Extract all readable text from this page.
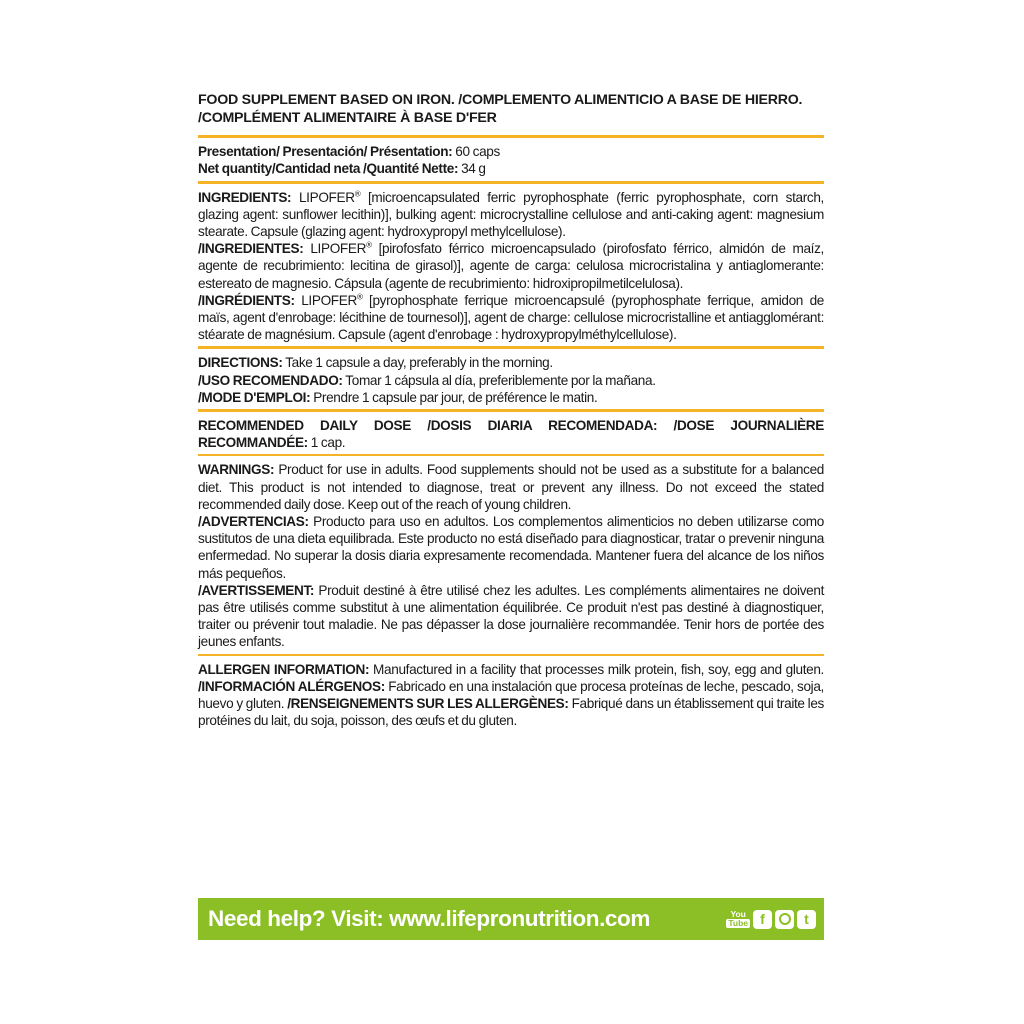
FOOD SUPPLEMENT BASED ON IRON. /COMPLEMENTO ALIMENTICIO A BASE DE HIERRO. /COMPLÉMENT ALIMENTAIRE À BASE D'FER

Presentation/ Presentación/ Présentation: 60 caps

Net quantity/Cantidad neta /Quantité Nette: 34 g

INGREDIENTS: LIPOFER® [microencapsulated ferric pyrophosphate (ferric pyrophosphate, corn starch, glazing agent: sunflower lecithin)], bulking agent: microcrystalline cellulose and anti-caking agent: magnesium stearate. Capsule (glazing agent: hydroxypropyl methylcellulose).

/INGREDIENTES: LIPOFER® [pirofosfato férrico microencapsulado (pirofosfato férrico, almidón de maíz, agente de recubrimiento: lecitina de girasol)], agente de carga: celulosa microcristalina y antiaglomerante: estereato de magnesio. Cápsula (agente de recubrimiento: hidroxipropilmetilcelulosa).

/INGRÉDIENTS: LIPOFER® [pyrophosphate ferrique microencapsulé (pyrophosphate ferrique, amidon de maïs, agent d'enrobage: lécithine de tournesol)], agent de charge: cellulose microcristalline et antiagglomérant: stéarate de magnésium. Capsule (agent d'enrobage : hydroxypropylméthylcellulose).

DIRECTIONS: Take 1 capsule a day, preferably in the morning.

/USO RECOMENDADO: Tomar 1 cápsula al día, preferiblemente por la mañana.

/MODE D'EMPLOI: Prendre 1 capsule par jour, de préférence le matin.

RECOMMENDED DAILY DOSE /DOSIS DIARIA RECOMENDADA: /DOSE JOURNALIÈRE RECOMMANDÉE: 1 cap.

WARNINGS: Product for use in adults. Food supplements should not be used as a substitute for a balanced diet. This product is not intended to diagnose, treat or prevent any illness. Do not exceed the stated recommended daily dose. Keep out of the reach of young children.

/ADVERTENCIAS: Producto para uso en adultos. Los complementos alimenticios no deben utilizarse como sustitutos de una dieta equilibrada. Este producto no está diseñado para diagnosticar, tratar o prevenir ninguna enfermedad. No superar la dosis diaria expresamente recomendada. Mantener fuera del alcance de los niños más pequeños.

/AVERTISSEMENT: Produit destiné à être utilisé chez les adultes. Les compléments alimentaires ne doivent pas être utilisés comme substitut à une alimentation équilibrée. Ce produit n'est pas destiné à diagnostiquer, traiter ou prévenir tout maladie. Ne pas dépasser la dose journalière recommandée. Tenir hors de portée des jeunes enfants.

ALLERGEN INFORMATION: Manufactured in a facility that processes milk protein, fish, soy, egg and gluten. /INFORMACIÓN ALÉRGENOS: Fabricado en una instalación que procesa proteínas de leche, pescado, soja, huevo y gluten. /RENSEIGNEMENTS SUR LES ALLERGÈNES: Fabriqué dans un établissement qui traite les protéines du lait, du soja, poisson, des œufs et du gluten.

Need help? Visit: www.lifepronutrition.com	You
Tube f	t
